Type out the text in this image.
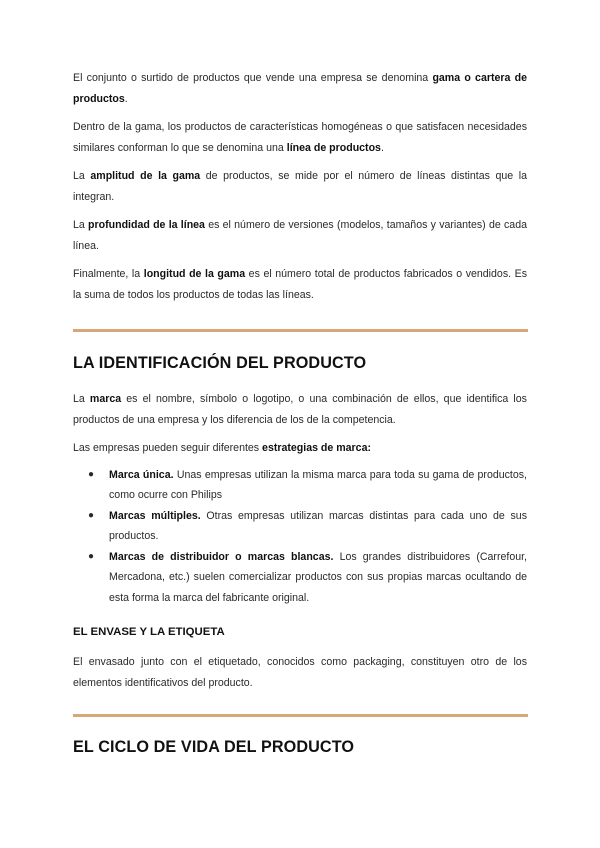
El conjunto o surtido de productos que vende una empresa se denomina gama o cartera de productos.

Dentro de la gama, los productos de características homogéneas o que satisfacen necesidades similares conforman lo que se denomina una línea de productos.

La amplitud de la gama de productos, se mide por el número de líneas distintas que la integran.

La profundidad de la línea es el número de versiones (modelos, tamaños y variantes) de cada línea.

Finalmente, la longitud de la gama es el número total de productos fabricados o vendidos. Es la suma de todos los productos de todas las líneas.

LA IDENTIFICACIÓN DEL PRODUCTO

La marca es el nombre, símbolo o logotipo, o una combinación de ellos, que identifica los productos de una empresa y los diferencia de los de la competencia.

Las empresas pueden seguir diferentes estrategias de marca:

● Marca única. Unas empresas utilizan la misma marca para toda su gama de productos, como ocurre con Philips
● Marcas múltiples. Otras empresas utilizan marcas distintas para cada uno de sus productos.
● Marcas de distribuidor o marcas blancas. Los grandes distribuidores (Carrefour, Mercadona, etc.) suelen comercializar productos con sus propias marcas ocultando de esta forma la marca del fabricante original.
EL ENVASE Y LA ETIQUETA

El envasado junto con el etiquetado, conocidos como packaging, constituyen otro de los elementos identificativos del producto.

EL CICLO DE VIDA DEL PRODUCTO
